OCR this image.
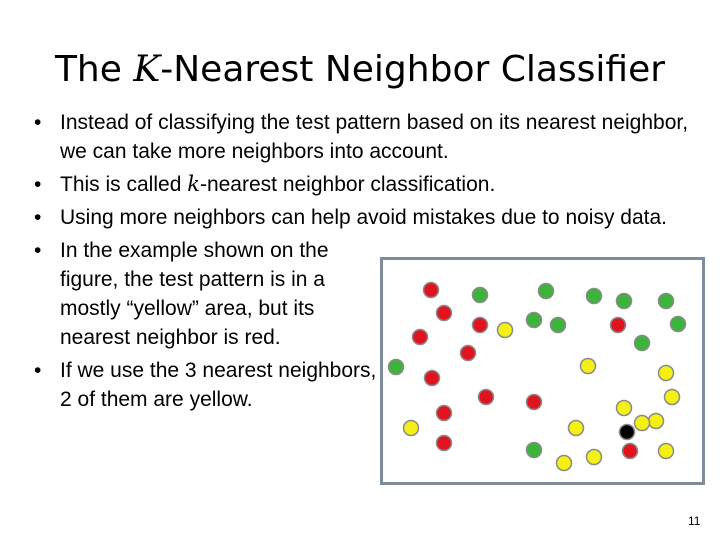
The K-Nearest Neighbor Classifier
• Instead of classifying the test pattern based on its nearest neighbor, we can take more neighbors into account.
• This is called k-nearest neighbor classification.
• Using more neighbors can help avoid mistakes due to noisy data.
• In the example shown on the figure, the test pattern is in a mostly “yellow” area, but its nearest neighbor is red.
• If we use the 3 nearest neighbors, 2 of them are yellow.
11
